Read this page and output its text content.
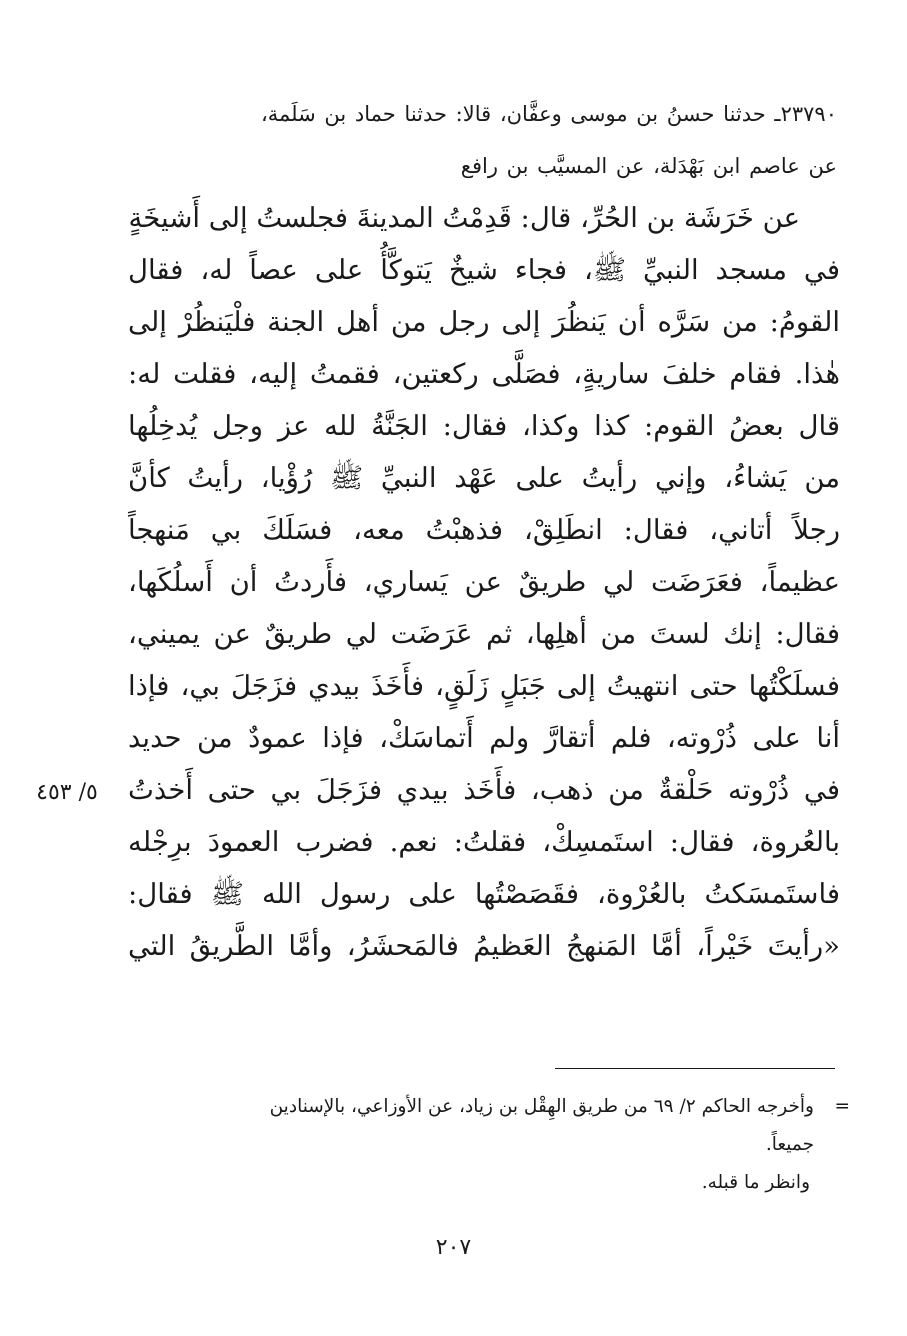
٢٣٧٩٠ـ حدثنا حسنُ بن موسى وعفَّان، قالا: حدثنا حماد بن سَلَمة،
عن عاصم ابن بَهْدَلة، عن المسيَّب بن رافع
عن خَرَشَة بن الحُرِّ، قال: قَدِمْتُ المدينةَ فجلستُ إلى أَشيخَةٍ
في مسجد النبيِّ ﷺ، فجاء شيخٌ يَتوكَّأُ على عصاً له، فقال
القومُ: من سَرَّه أن يَنظُرَ إلى رجل من أهل الجنة فلْيَنظُرْ إلى
هٰذا. فقام خلفَ ساريةٍ، فصَلَّى ركعتين، فقمتُ إليه، فقلت له:
قال بعضُ القوم: كذا وكذا، فقال: الجَنَّةُ لله عز وجل يُدخِلُها
من يَشاءُ، وإني رأيتُ على عَهْد النبيِّ ﷺ رُؤْيا، رأيتُ كأنَّ
رجلاً أتاني، فقال: انطَلِقْ، فذهبْتُ معه، فسَلَكَ بي مَنهجاً
عظيماً، فعَرَضَت لي طريقٌ عن يَساري، فأَردتُ أن أَسلُكَها،
فقال: إنك لستَ من أهلِها، ثم عَرَضَت لي طريقٌ عن يميني،
فسلَكْتُها حتى انتهيتُ إلى جَبَلٍ زَلَقٍ، فأَخَذَ بيدي فزَجَلَ بي، فإذا
أنا على ذُرْوته، فلم أتقارَّ ولم أَتماسَكْ، فإذا عمودٌ من حديد
في ذُرْوته حَلْقةٌ من ذهب، فأَخَذ بيدي فزَجَلَ بي حتى أَخذتُ
بالعُروة، فقال: استَمسِكْ، فقلتُ: نعم. فضرب العمودَ برِجْله
فاستَمسَكتُ بالعُرْوة، فقَصَصْتُها على رسول الله ﷺ فقال:
«رأيتَ خَيْراً، أمَّا المَنهجُ العَظيمُ فالمَحشَرُ، وأمَّا الطَّريقُ التي
٥/ ٤٥٣
=وأخرجه الحاكم ٢/ ٦٩ من طريق الهِقْل بن زياد، عن الأوزاعي، بالإسنادين
جميعاً.
وانظر ما قبله.
٢٠٧
